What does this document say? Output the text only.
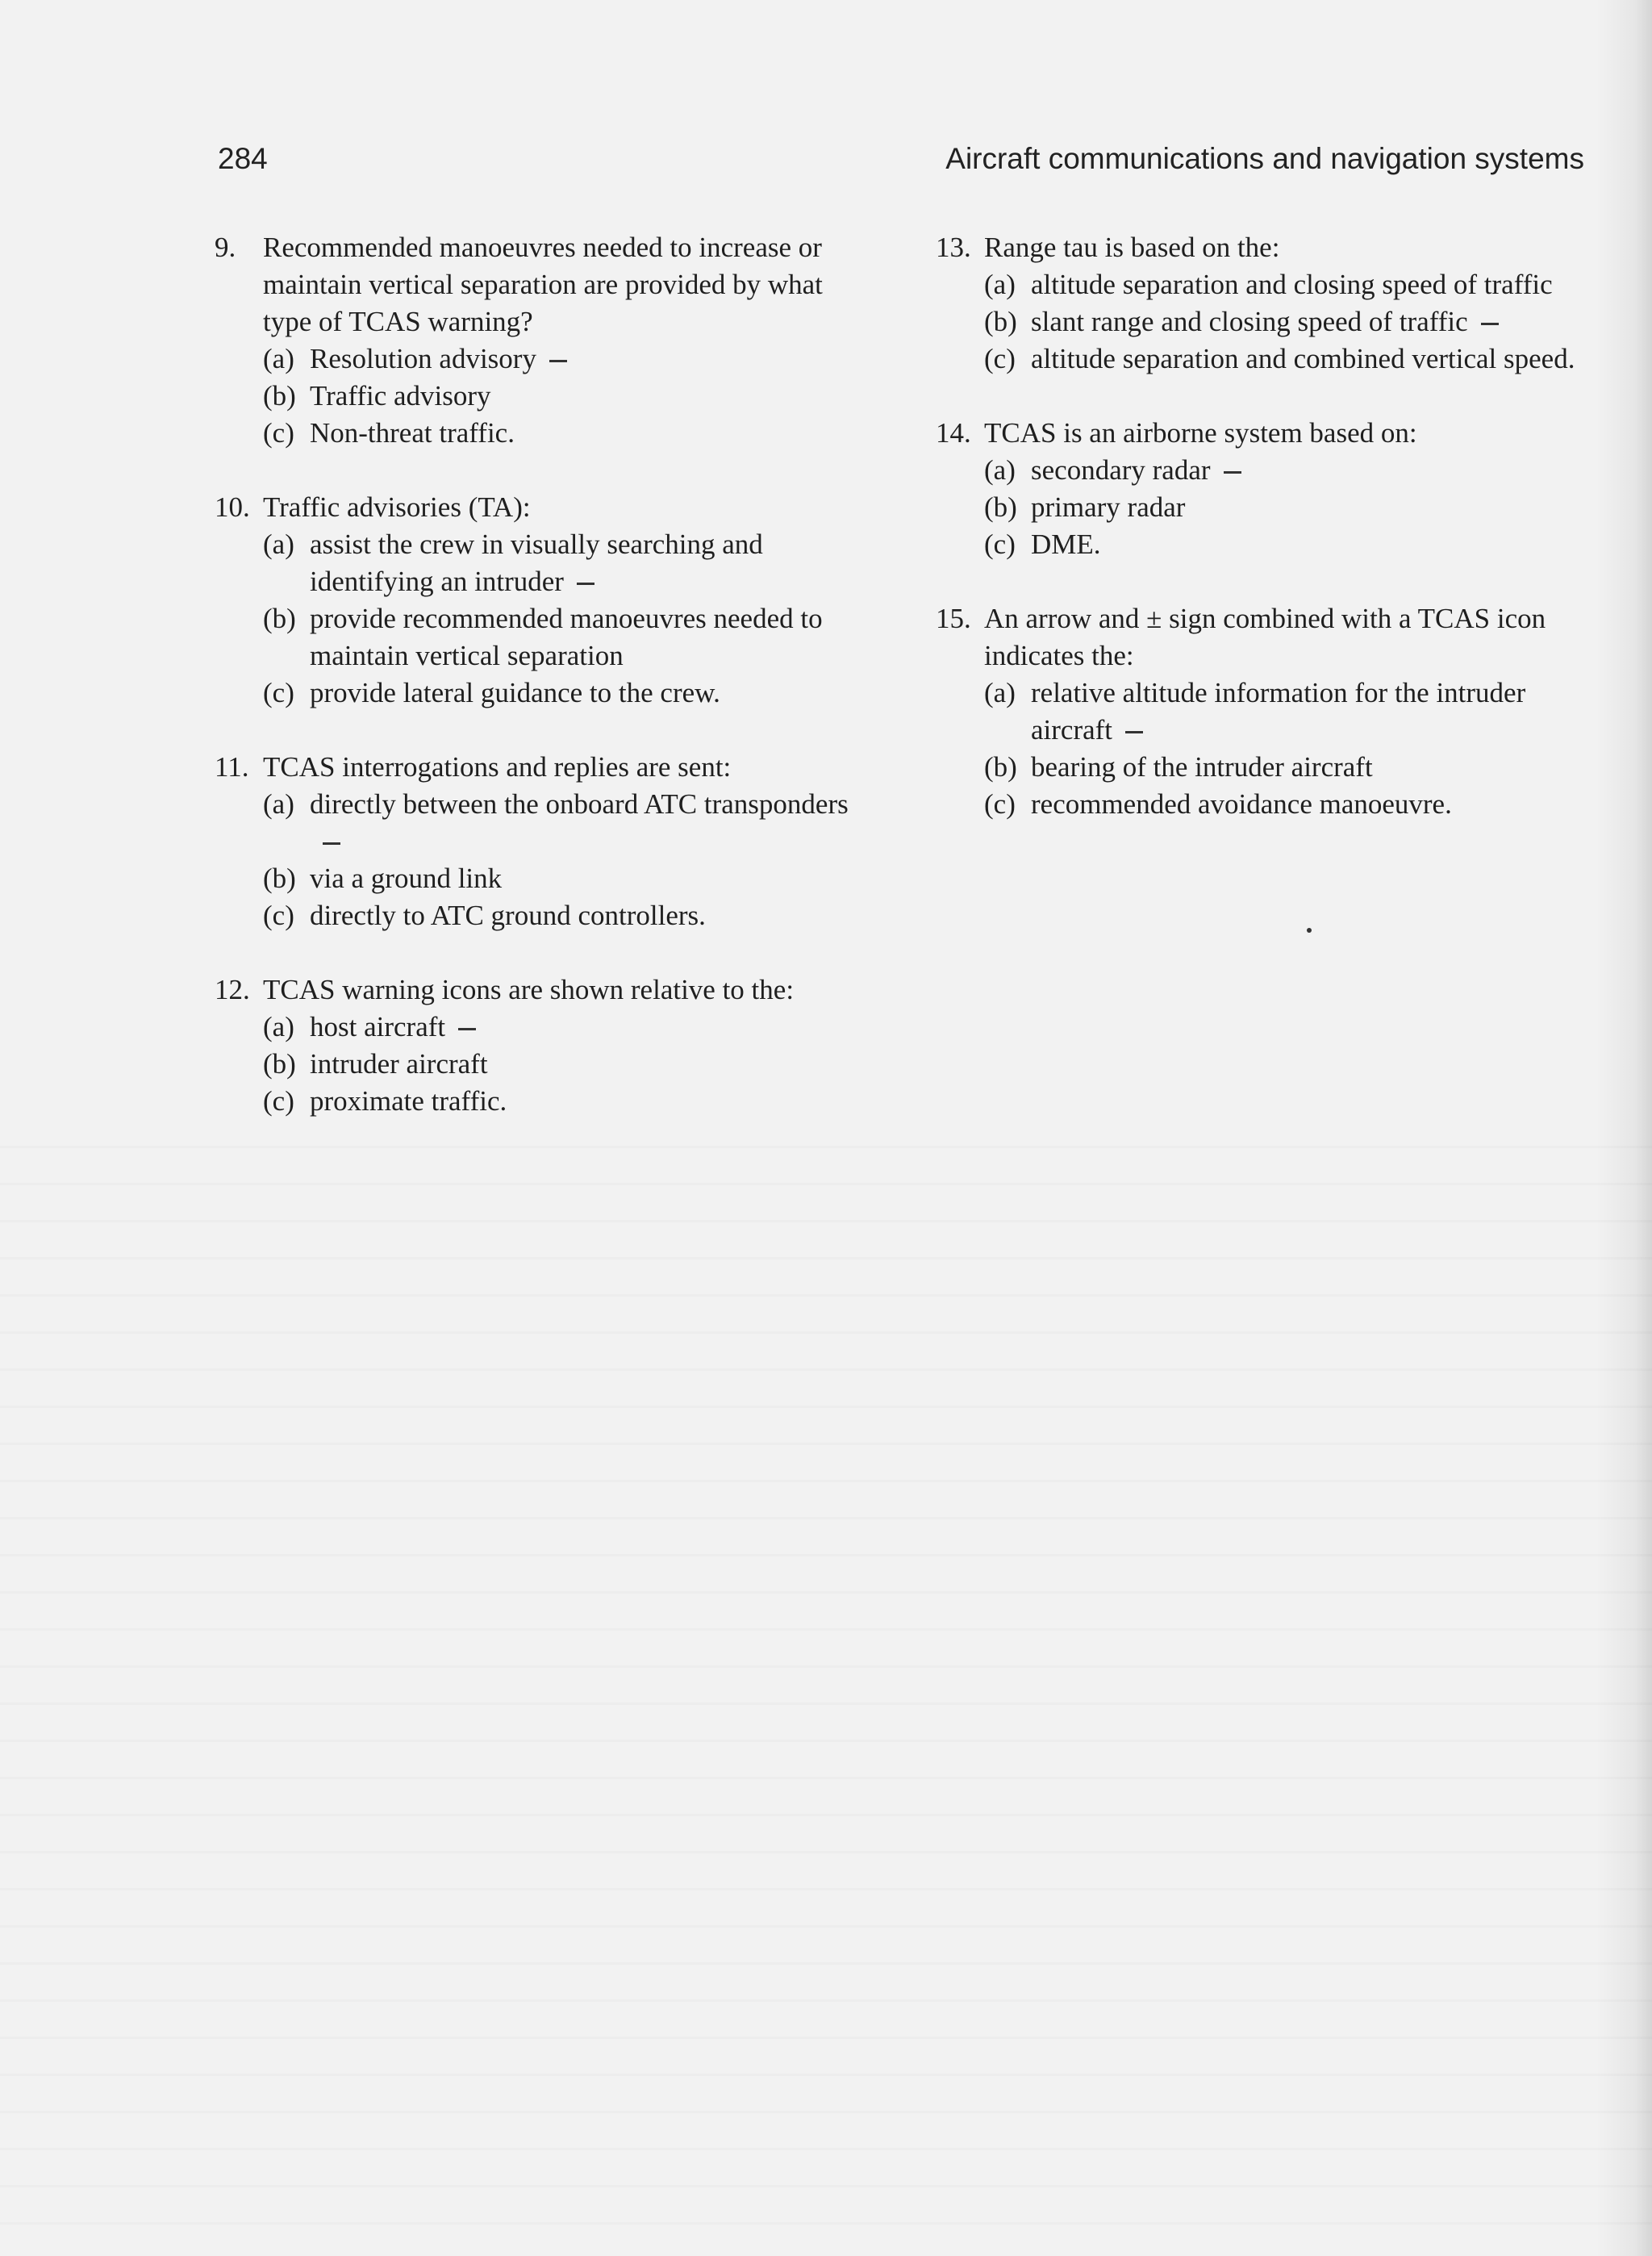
284	Aircraft communications and navigation systems
9. Recommended manoeuvres needed to increase or maintain vertical separation are provided by what type of TCAS warning?
(a) Resolution advisory
(b) Traffic advisory
(c) Non-threat traffic.
10. Traffic advisories (TA):
(a) assist the crew in visually searching and identifying an intruder
(b) provide recommended manoeuvres needed to maintain vertical separation
(c) provide lateral guidance to the crew.
11. TCAS interrogations and replies are sent:
(a) directly between the onboard ATC transponders
(b) via a ground link
(c) directly to ATC ground controllers.
12. TCAS warning icons are shown relative to the:
(a) host aircraft
(b) intruder aircraft
(c) proximate traffic.
13. Range tau is based on the:
(a) altitude separation and closing speed of traffic
(b) slant range and closing speed of traffic
(c) altitude separation and combined vertical speed.
14. TCAS is an airborne system based on:
(a) secondary radar
(b) primary radar
(c) DME.
15. An arrow and ± sign combined with a TCAS icon indicates the:
(a) relative altitude information for the intruder aircraft
(b) bearing of the intruder aircraft
(c) recommended avoidance manoeuvre.
